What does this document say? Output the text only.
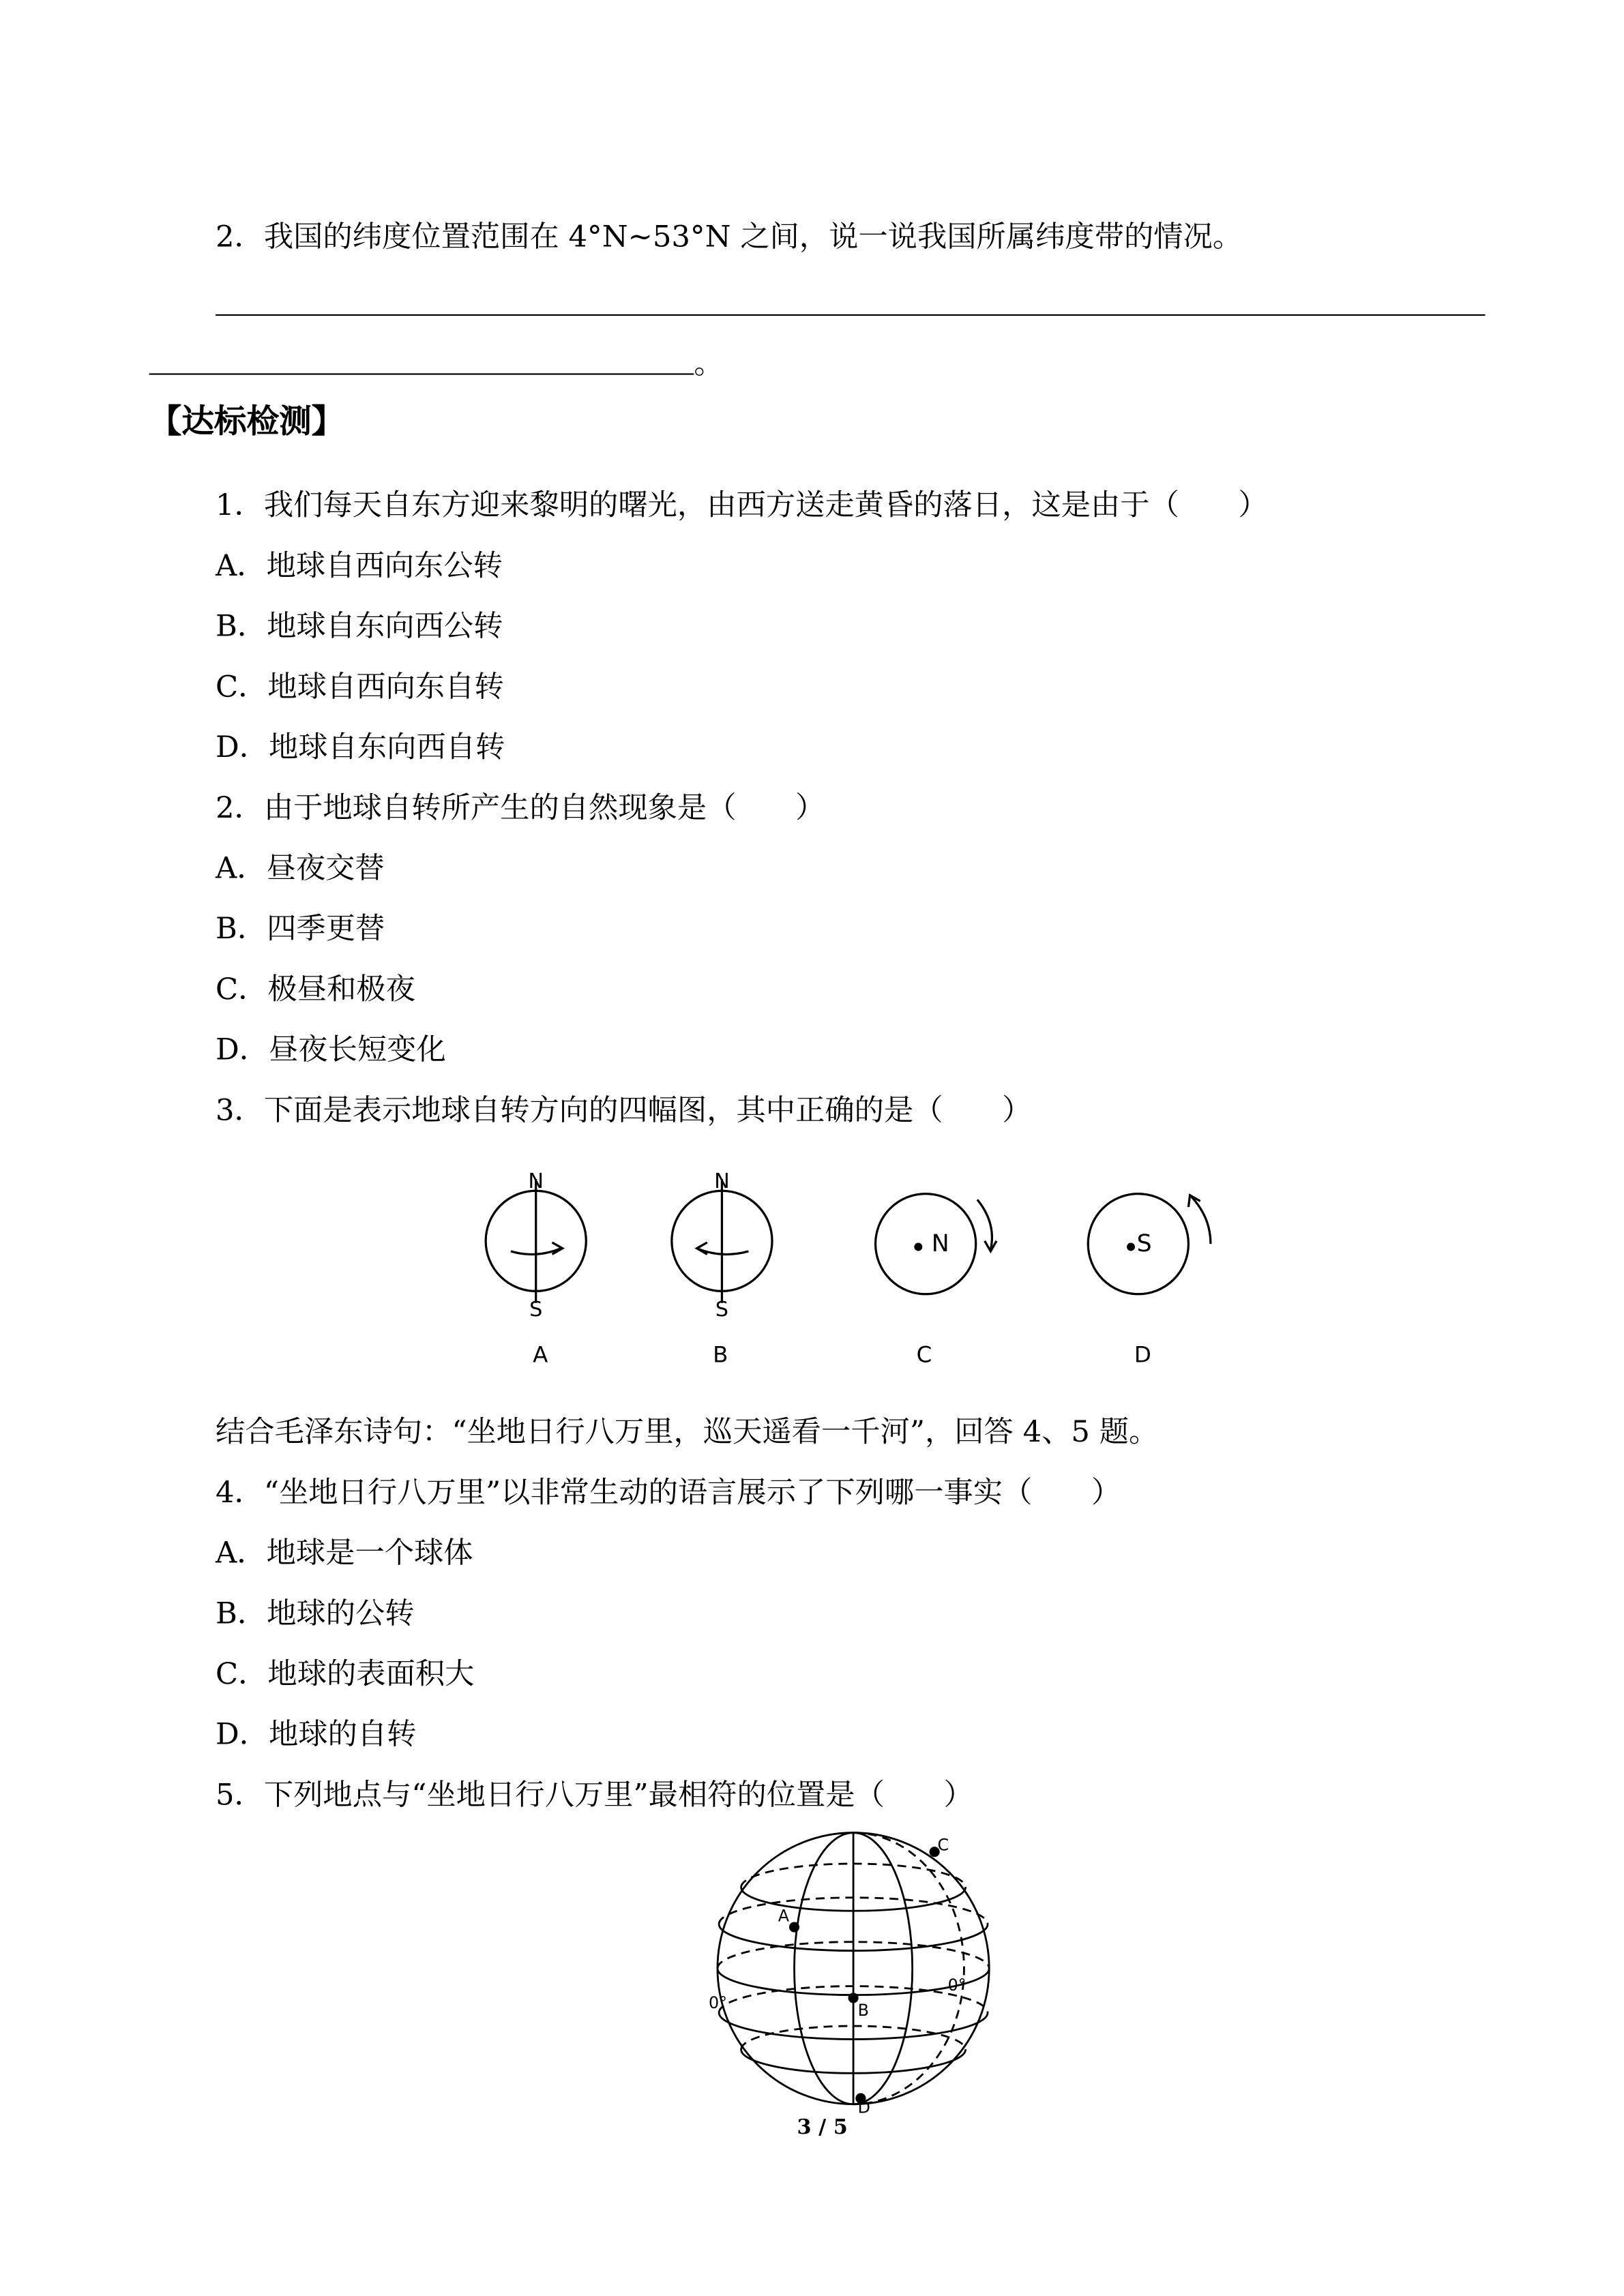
2．我国的纬度位置范围在 4°N~53°N 之间，说一说我国所属纬度带的情况。
。
【达标检测】
1．我们每天自东方迎来黎明的曙光，由西方送走黄昏的落日，这是由于（　　）
A．地球自西向东公转
B．地球自东向西公转
C．地球自西向东自转
D．地球自东向西自转
2．由于地球自转所产生的自然现象是（　　）
A．昼夜交替
B．四季更替
C．极昼和极夜
D．昼夜长短变化
3．下面是表示地球自转方向的四幅图，其中正确的是（　　）
N
S
N
S
N	S
A	B	C	D
结合毛泽东诗句：“坐地日行八万里，巡天遥看一千河”，回答 4、5 题。
4．“坐地日行八万里”以非常生动的语言展示了下列哪一事实（　　）
A．地球是一个球体
B．地球的公转
C．地球的表面积大
D．地球的自转
5．下列地点与“坐地日行八万里”最相符的位置是（　　）
A
B
C
D
0°
0°
3 / 5
